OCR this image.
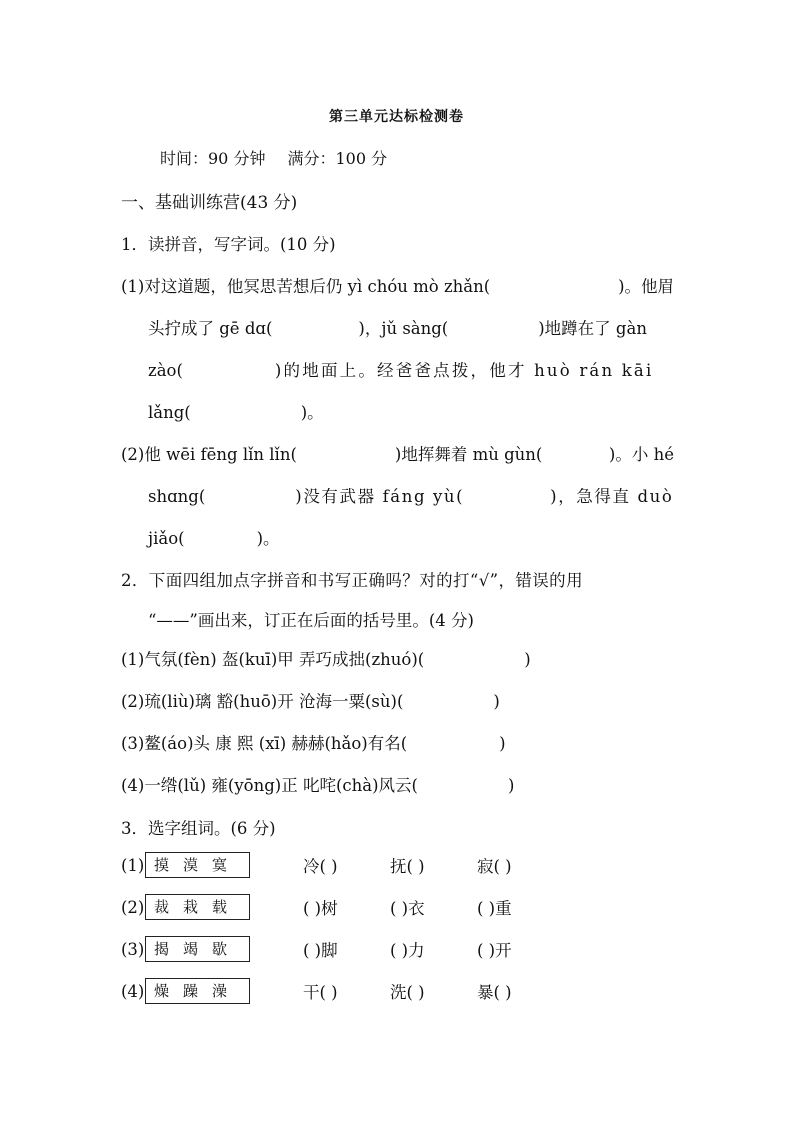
第三单元达标检测卷
时间：90 分钟 满分：100 分
一、基础训练营(43 分)
1．读拼音，写字词。(10 分)
(1)对这道题，他冥思苦想后仍 yì chóu mò zhǎn(	)。他眉
头拧成了 gē dɑ(	)，jǔ sàng(	)地蹲在了 gàn
zào(	)的地面上。经爸爸点拨，他才 huò rán kāi
lǎng(	)。
(2)他 wēi fēng lǐn lǐn(	)地挥舞着 mù gùn(	)。小 hé
shɑng(	)没有武器 fáng yù(	)，急得直 duò
jiǎo(	)。
2．下面四组加点字拼音和书写正确吗？对的打“√”，错误的用
“——”画出来，订正在后面的括号里。(4 分)
(1)气氛(fèn) 盔(kuī)甲 弄巧成拙(zhuó)(	)
(2)琉(liù)璃 豁(huō)开 沧海一粟(sù)(	)
(3)鳌(áo)头 康 熙 (xī) 赫赫(hǎo)有名(	)
(4)一绺(lǔ) 雍(yōng)正 叱咤(chà)风云(	)
3．选字组词。(6 分)
(1) 摸漠寞	冷( )	抚( )	寂( )
(2) 裁栽载	( )树	( )衣	( )重
(3) 揭竭歇	( )脚	( )力	( )开
(4) 燥躁澡	干( )	洗( )	暴( )
